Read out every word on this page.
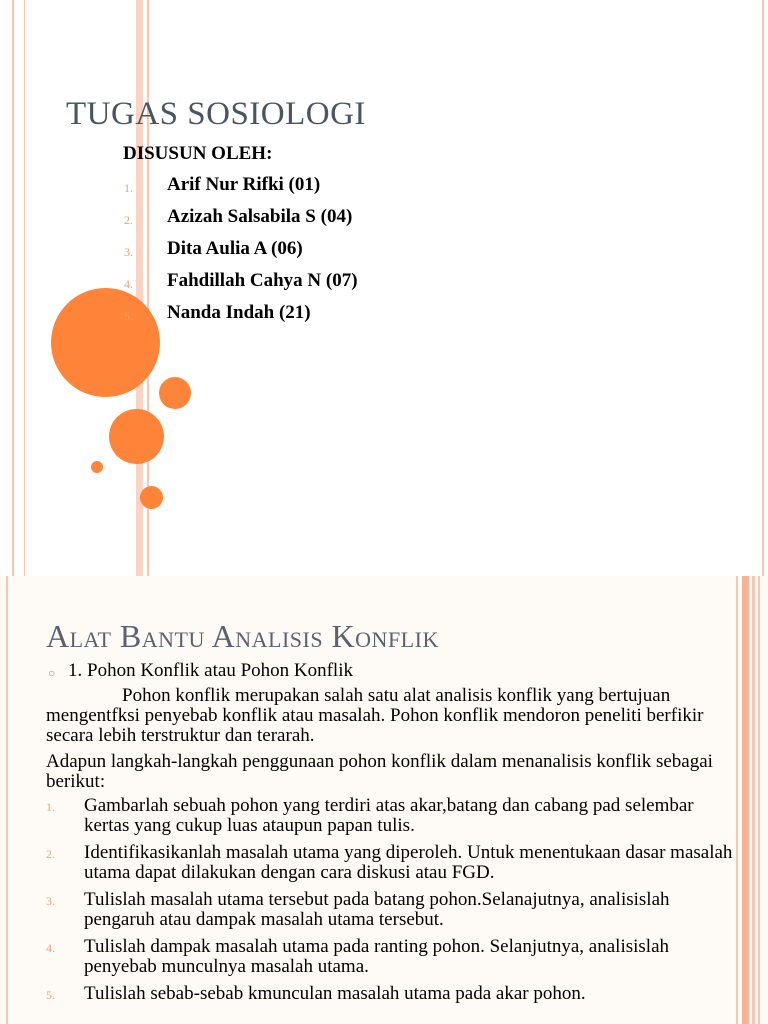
TUGAS SOSIOLOGI
DISUSUN OLEH:
1. Arif Nur Rifki (01)
2. Azizah Salsabila S (04)
3. Dita Aulia A (06)
4. Fahdillah Cahya N (07)
5. Nanda Indah (21)
Alat Bantu Analisis Konflik
○ 1. Pohon Konflik atau Pohon Konflik

Pohon konflik merupakan salah satu alat analisis konflik yang bertujuan mengentfksi penyebab konflik atau masalah. Pohon konflik mendoron peneliti berfikir secara lebih terstruktur dan terarah.

Adapun langkah-langkah penggunaan pohon konflik dalam menanalisis konflik sebagai berikut:

1. Gambarlah sebuah pohon yang terdiri atas akar,batang dan cabang pad selembar kertas yang cukup luas ataupun papan tulis.
2. Identifikasikanlah masalah utama yang diperoleh. Untuk menentukaan dasar masalah utama dapat dilakukan dengan cara diskusi atau FGD.
3. Tulislah masalah utama tersebut pada batang pohon.Selanajutnya, analisislah pengaruh atau dampak masalah utama tersebut.
4. Tulislah dampak masalah utama pada ranting pohon. Selanjutnya, analisislah penyebab munculnya masalah utama.
5. Tulislah sebab-sebab kmunculan masalah utama pada akar pohon.
